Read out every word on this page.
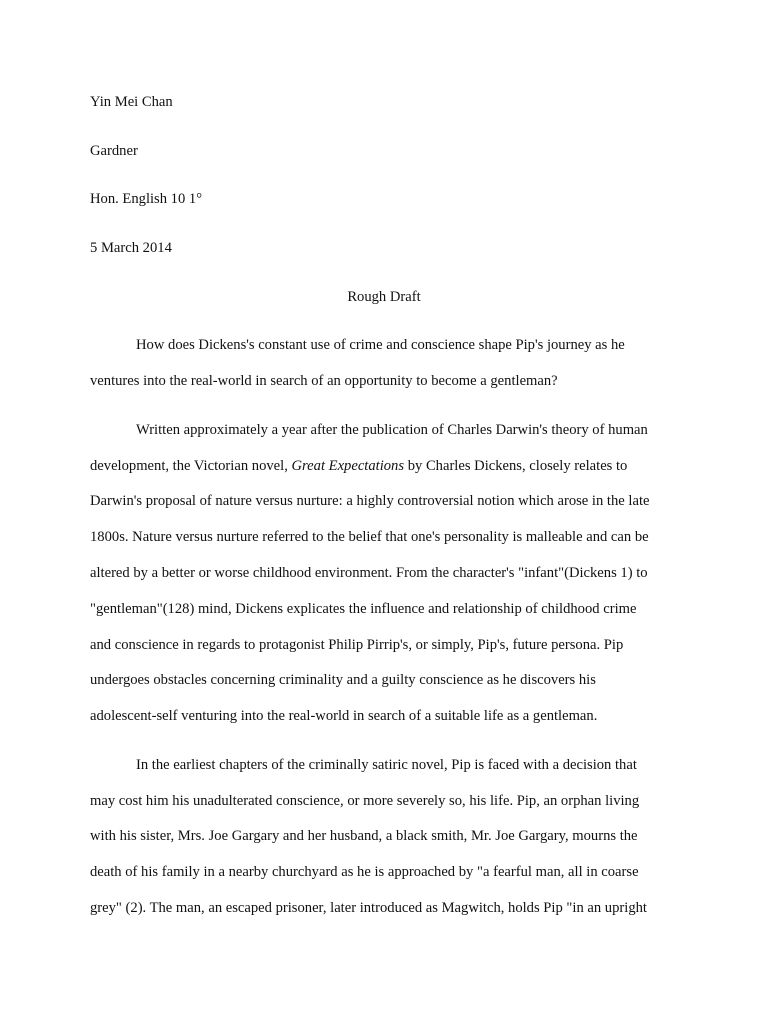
Yin Mei Chan
Gardner
Hon. English 10 1°
5 March 2014
Rough Draft
How does Dickens's constant use of crime and conscience shape Pip's journey as he
ventures into the real-world in search of an opportunity to become a gentleman?
Written approximately a year after the publication of Charles Darwin's theory of human
development, the Victorian novel, Great Expectations by Charles Dickens, closely relates to
Darwin's proposal of nature versus nurture: a highly controversial notion which arose in the late
1800s. Nature versus nurture referred to the belief that one's personality is malleable and can be
altered by a better or worse childhood environment. From the character's "infant"(Dickens 1) to
"gentleman"(128) mind, Dickens explicates the influence and relationship of childhood crime
and conscience in regards to protagonist Philip Pirrip's, or simply, Pip's, future persona. Pip
undergoes obstacles concerning criminality and a guilty conscience as he discovers his
adolescent-self venturing into the real-world in search of a suitable life as a gentleman.
In the earliest chapters of the criminally satiric novel, Pip is faced with a decision that
may cost him his unadulterated conscience, or more severely so, his life. Pip, an orphan living
with his sister, Mrs. Joe Gargary and her husband, a black smith, Mr. Joe Gargary, mourns the
death of his family in a nearby churchyard as he is approached by "a fearful man, all in coarse
grey" (2). The man, an escaped prisoner, later introduced as Magwitch, holds Pip "in an upright
